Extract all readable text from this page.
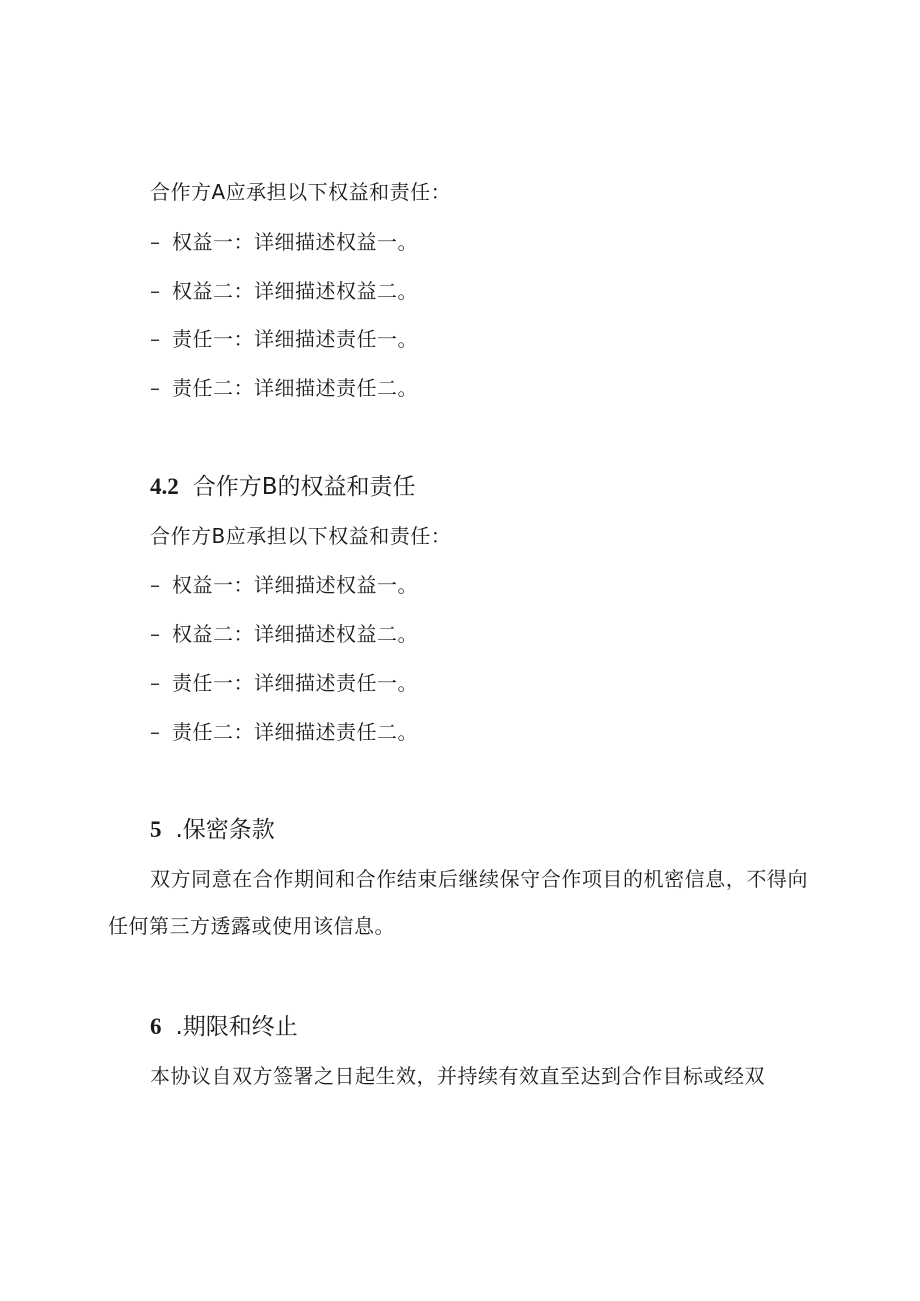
合作方A应承担以下权益和责任：
– 权益一：详细描述权益一。
– 权益二：详细描述权益二。
– 责任一：详细描述责任一。
– 责任二：详细描述责任二。
4.2 合作方B的权益和责任
合作方B应承担以下权益和责任：
– 权益一：详细描述权益一。
– 权益二：详细描述权益二。
– 责任一：详细描述责任一。
– 责任二：详细描述责任二。
5 .保密条款

双方同意在合作期间和合作结束后继续保守合作项目的机密信息，不得向任何第三方透露或使用该信息。

6 .期限和终止

本协议自双方签署之日起生效，并持续有效直至达到合作目标或经双
